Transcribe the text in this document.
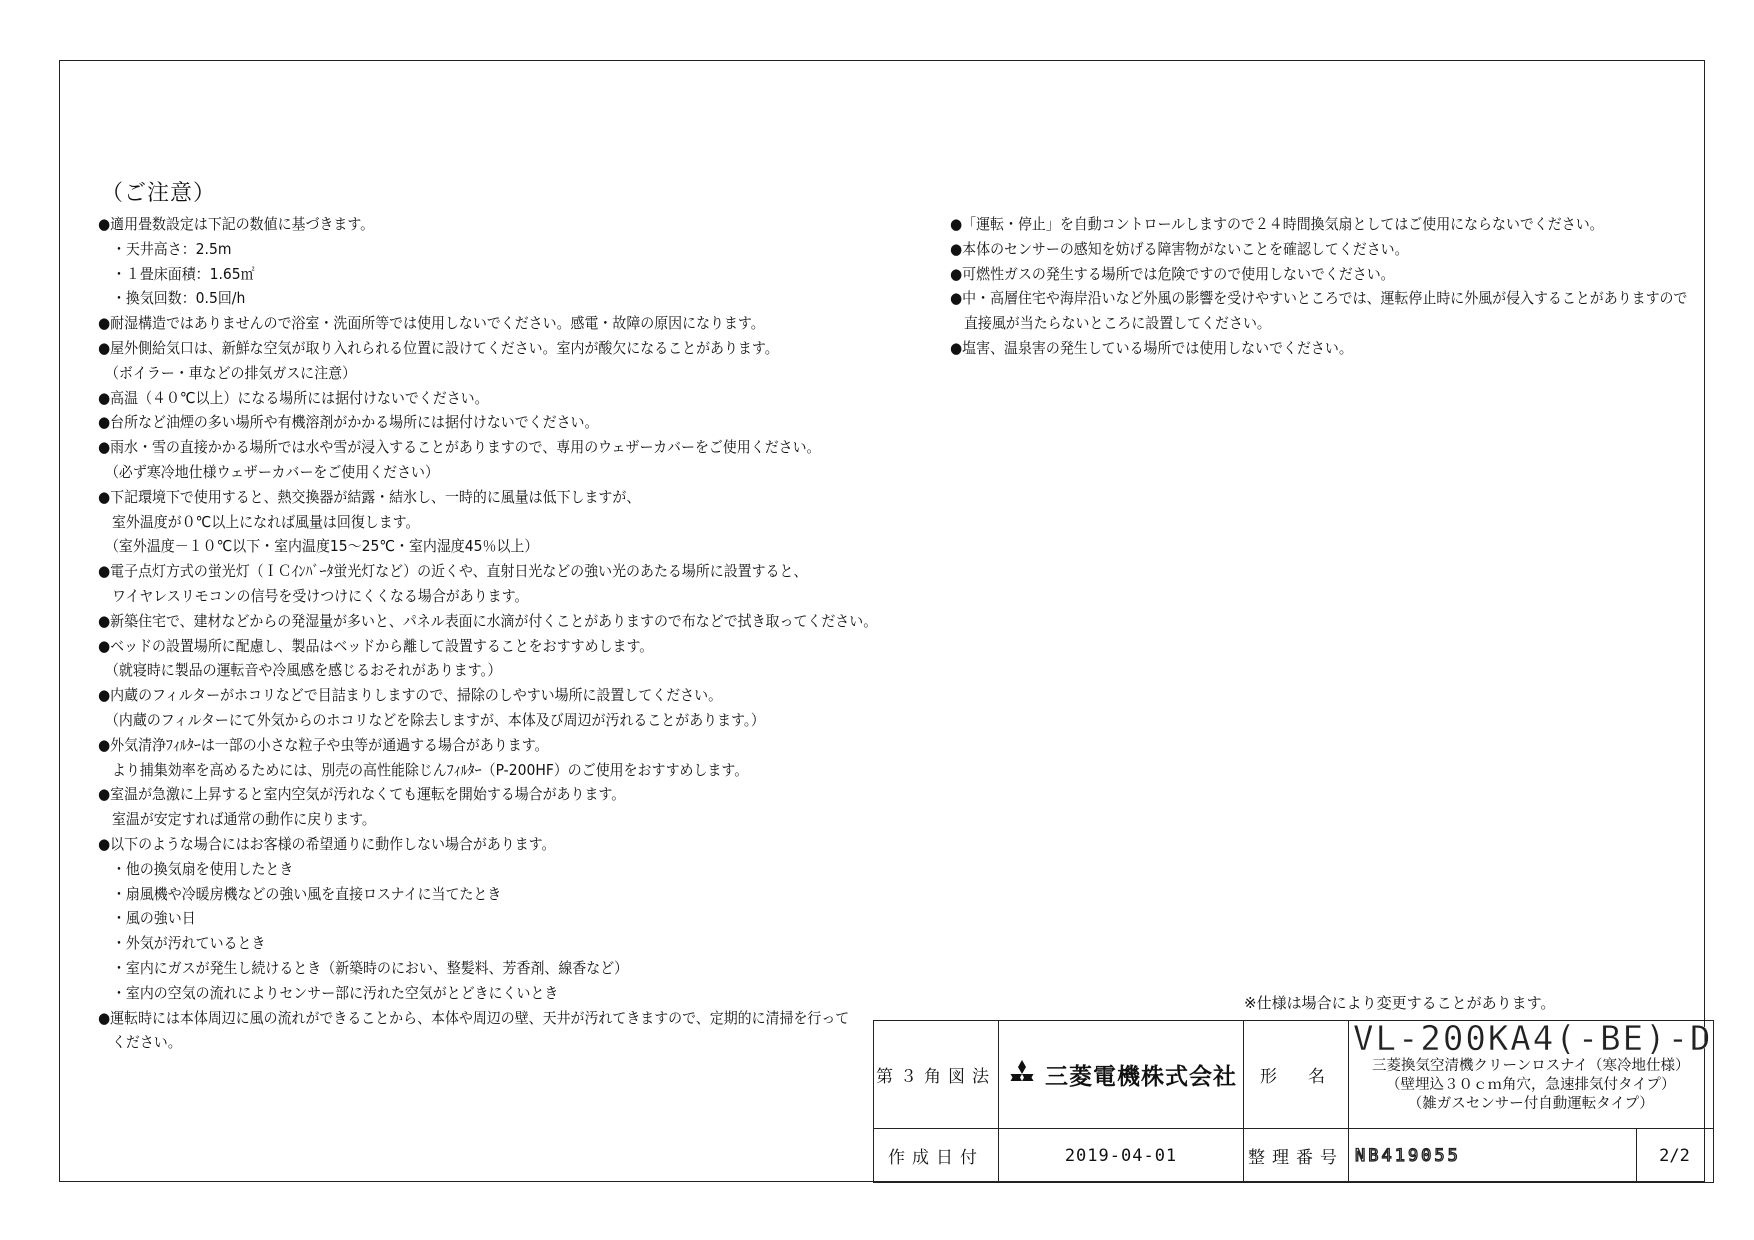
（ご注意）

●適用畳数設定は下記の数値に基づきます。
　・天井高さ：2.5m
　・１畳床面積：1.65㎡
　・換気回数：0.5回/h
●耐湿構造ではありませんので浴室・洗面所等では使用しないでください。感電・故障の原因になります。
●屋外側給気口は、新鮮な空気が取り入れられる位置に設けてください。室内が酸欠になることがあります。
　（ボイラー・車などの排気ガスに注意）
●高温（４０℃以上）になる場所には据付けないでください。
●台所など油煙の多い場所や有機溶剤がかかる場所には据付けないでください。
●雨水・雪の直接かかる場所では水や雪が浸入することがありますので、専用のウェザーカバーをご使用ください。
　（必ず寒冷地仕様ウェザーカバーをご使用ください）
●下記環境下で使用すると、熱交換器が結露・結氷し、一時的に風量は低下しますが、
　室外温度が０℃以上になれば風量は回復します。
　（室外温度－１０℃以下・室内温度15～25℃・室内湿度45％以上）
●電子点灯方式の蛍光灯（ＩＣｲﾝﾊﾞｰﾀ蛍光灯など）の近くや、直射日光などの強い光のあたる場所に設置すると、
　ワイヤレスリモコンの信号を受けつけにくくなる場合があります。
●新築住宅で、建材などからの発湿量が多いと、パネル表面に水滴が付くことがありますので布などで拭き取ってください。
●ベッドの設置場所に配慮し、製品はベッドから離して設置することをおすすめします。
　（就寝時に製品の運転音や冷風感を感じるおそれがあります。）
●内蔵のフィルターがホコリなどで目詰まりしますので、掃除のしやすい場所に設置してください。
　（内蔵のフィルターにて外気からのホコリなどを除去しますが、本体及び周辺が汚れることがあります。）
●外気清浄ﾌｨﾙﾀｰは一部の小さな粒子や虫等が通過する場合があります。
　より捕集効率を高めるためには、別売の高性能除じんﾌｨﾙﾀｰ（P-200HF）のご使用をおすすめします。
●室温が急激に上昇すると室内空気が汚れなくても運転を開始する場合があります。
　室温が安定すれば通常の動作に戻ります。
●以下のような場合にはお客様の希望通りに動作しない場合があります。
　・他の換気扇を使用したとき
　・扇風機や冷暖房機などの強い風を直接ロスナイに当てたとき
　・風の強い日
　・外気が汚れているとき
　・室内にガスが発生し続けるとき（新築時のにおい、整髪料、芳香剤、線香など）
　・室内の空気の流れによりセンサー部に汚れた空気がとどきにくいとき
●運転時には本体周辺に風の流れができることから、本体や周辺の壁、天井が汚れてきますので、定期的に清掃を行って
　ください。
●「運転・停止」を自動コントロールしますので２４時間換気扇としてはご使用にならないでください。
●本体のセンサーの感知を妨げる障害物がないことを確認してください。
●可燃性ガスの発生する場所では危険ですので使用しないでください。
●中・高層住宅や海岸沿いなど外風の影響を受けやすいところでは、運転停止時に外風が侵入することがありますので
　直接風が当たらないところに設置してください。
●塩害、温泉害の発生している場所では使用しないでください。

※仕様は場合により変更することがあります。

第３角図法	三菱電機株式会社	形　名	VL-200KA4(-BE)-D
三菱換気空清機クリーンロスナイ（寒冷地仕様）
（壁埋込３０ｃｍ角穴，急速排気付タイプ）
（雑ガスセンサー付自動運転タイプ）	

作成日付	2019-04-01	整理番号	NB419055	2/2
